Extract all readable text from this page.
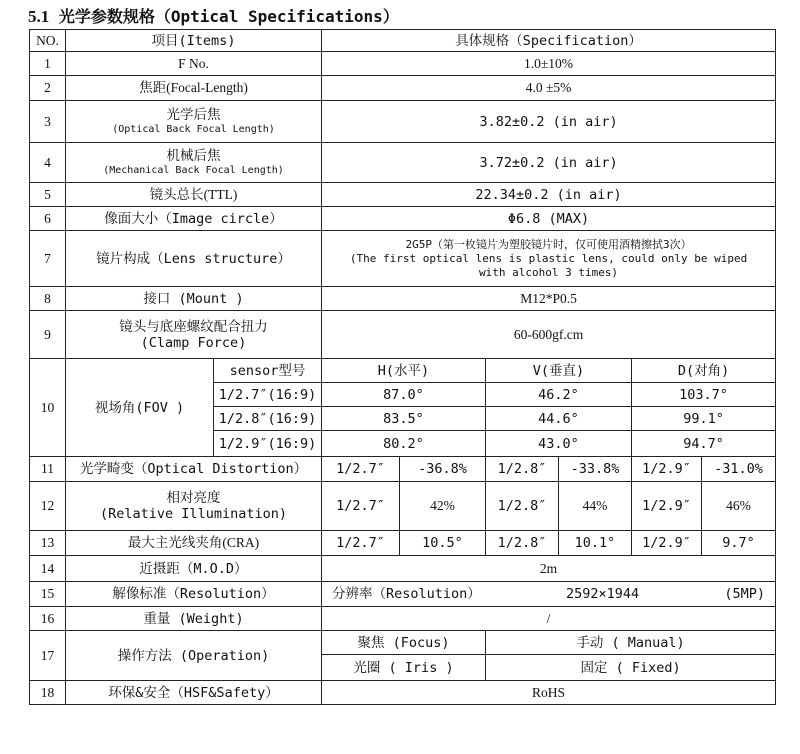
5.1 光学参数规格（Optical Specifications）
NO.	项目(Items)		具体规格（Specification）					
1	F No.		1.0±10%					
2	焦距(Focal-Length)		4.0 ±5%					
3	光学后焦
(Optical Back Focal Length)		3.82±0.2 (in air)					
4	机械后焦
(Mechanical Back Focal Length)		3.72±0.2 (in air)					
5	镜头总长(TTL)		22.34±0.2 (in air)					
6	像面大小（Image circle）		Φ6.8 (MAX)					
7	镜片构成（Lens structure）		2G5P（第一枚镜片为塑胶镜片时，仅可使用酒精擦拭3次）
(The first optical lens is plastic lens, could only be wiped
with alcohol 3 times)					

8	接口 (Mount )		M12*P0.5					
9	镜头与底座螺纹配合扭力
(Clamp Force)		60-600gf.cm					
10	视场角(FOV )	sensor型号	H(水平)		V(垂直)		D(对角)	
		1/2.7″(16:9)	87.0°		46.2°		103.7°	
		1/2.8″(16:9)	83.5°		44.6°		99.1°	
		1/2.9″(16:9)	80.2°		43.0°		94.7°	
11	光学畸变（Optical Distortion）		1/2.7″	-36.8%	1/2.8″	-33.8%	1/2.9″	-31.0%
12	相对亮度
(Relative Illumination)		1/2.7″	42%	1/2.8″	44%	1/2.9″	46%
13	最大主光线夹角(CRA)		1/2.7″	10.5°	1/2.8″	10.1°	1/2.9″	9.7°
14	近摄距（M.O.D）		2m					
15	解像标准（Resolution）		分辨率（Resolution） 2592×1944 (5MP)					

16	重量 (Weight)		/					
17	操作方法 (Operation)		聚焦 (Focus)		手动 ( Manual)			
			光圈 ( Iris )		固定 ( Fixed)			
18	环保&安全（HSF&Safety）		RoHS					
